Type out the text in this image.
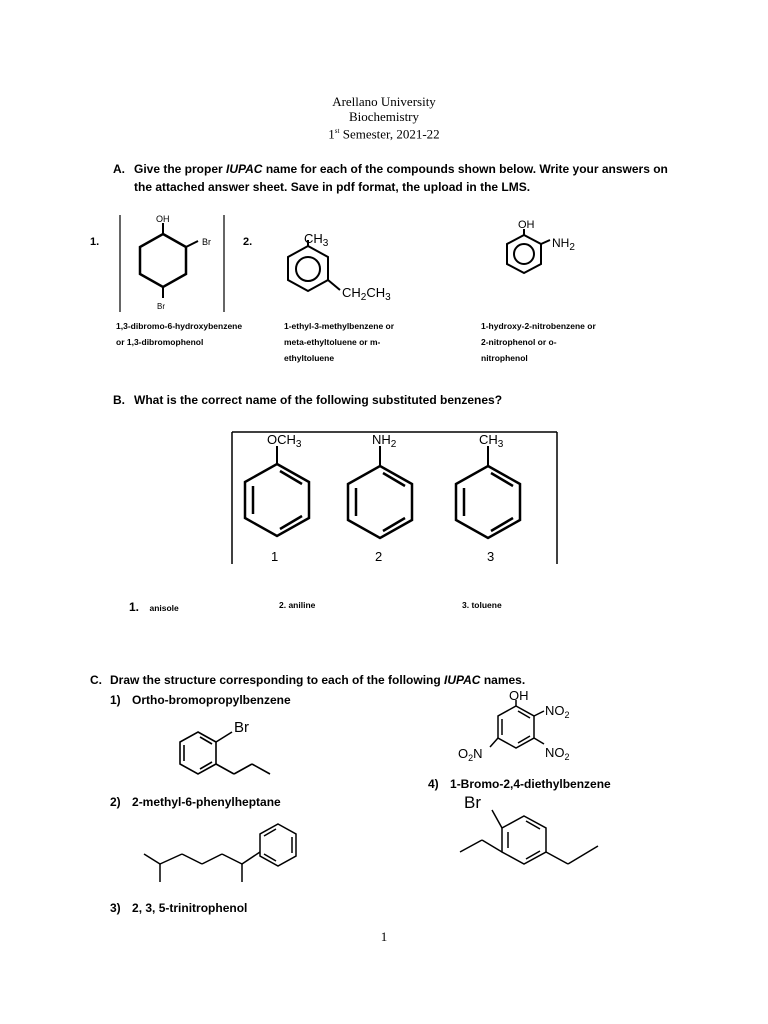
Arellano University
Biochemistry
1st Semester, 2021-22
A. Give the proper IUPAC name for each of the compounds shown below. Write your answers on
the attached answer sheet. Save in pdf format, the upload in the LMS.
1.	2.
OH
Br
Br
$CH_3$
$CH_2CH_3$
OH
$NH_2$
1,3-dibromo-6-hydroxybenzene
or 1,3-dibromophenol
1-ethyl-3-methylbenzene or
meta-ethyltoluene or m-
ethyltoluene
1-hydroxy-2-nitrobenzene or
2-nitrophenol or o-
nitrophenol
B. What is the correct name of the following substituted benzenes?
$OCH_3$	$NH_2$	$CH_3$
1	2	3
1. anisole	2. aniline	3. toluene
C. Draw the structure corresponding to each of the following IUPAC names.
1) Ortho-bromopropylbenzene
2) 2-methyl-6-phenylheptane
3) 2, 3, 5-trinitrophenol
4) 1-Bromo-2,4-diethylbenzene
Br
OH
$NO_2$
$O_2N$	$NO_2$
Br
1
